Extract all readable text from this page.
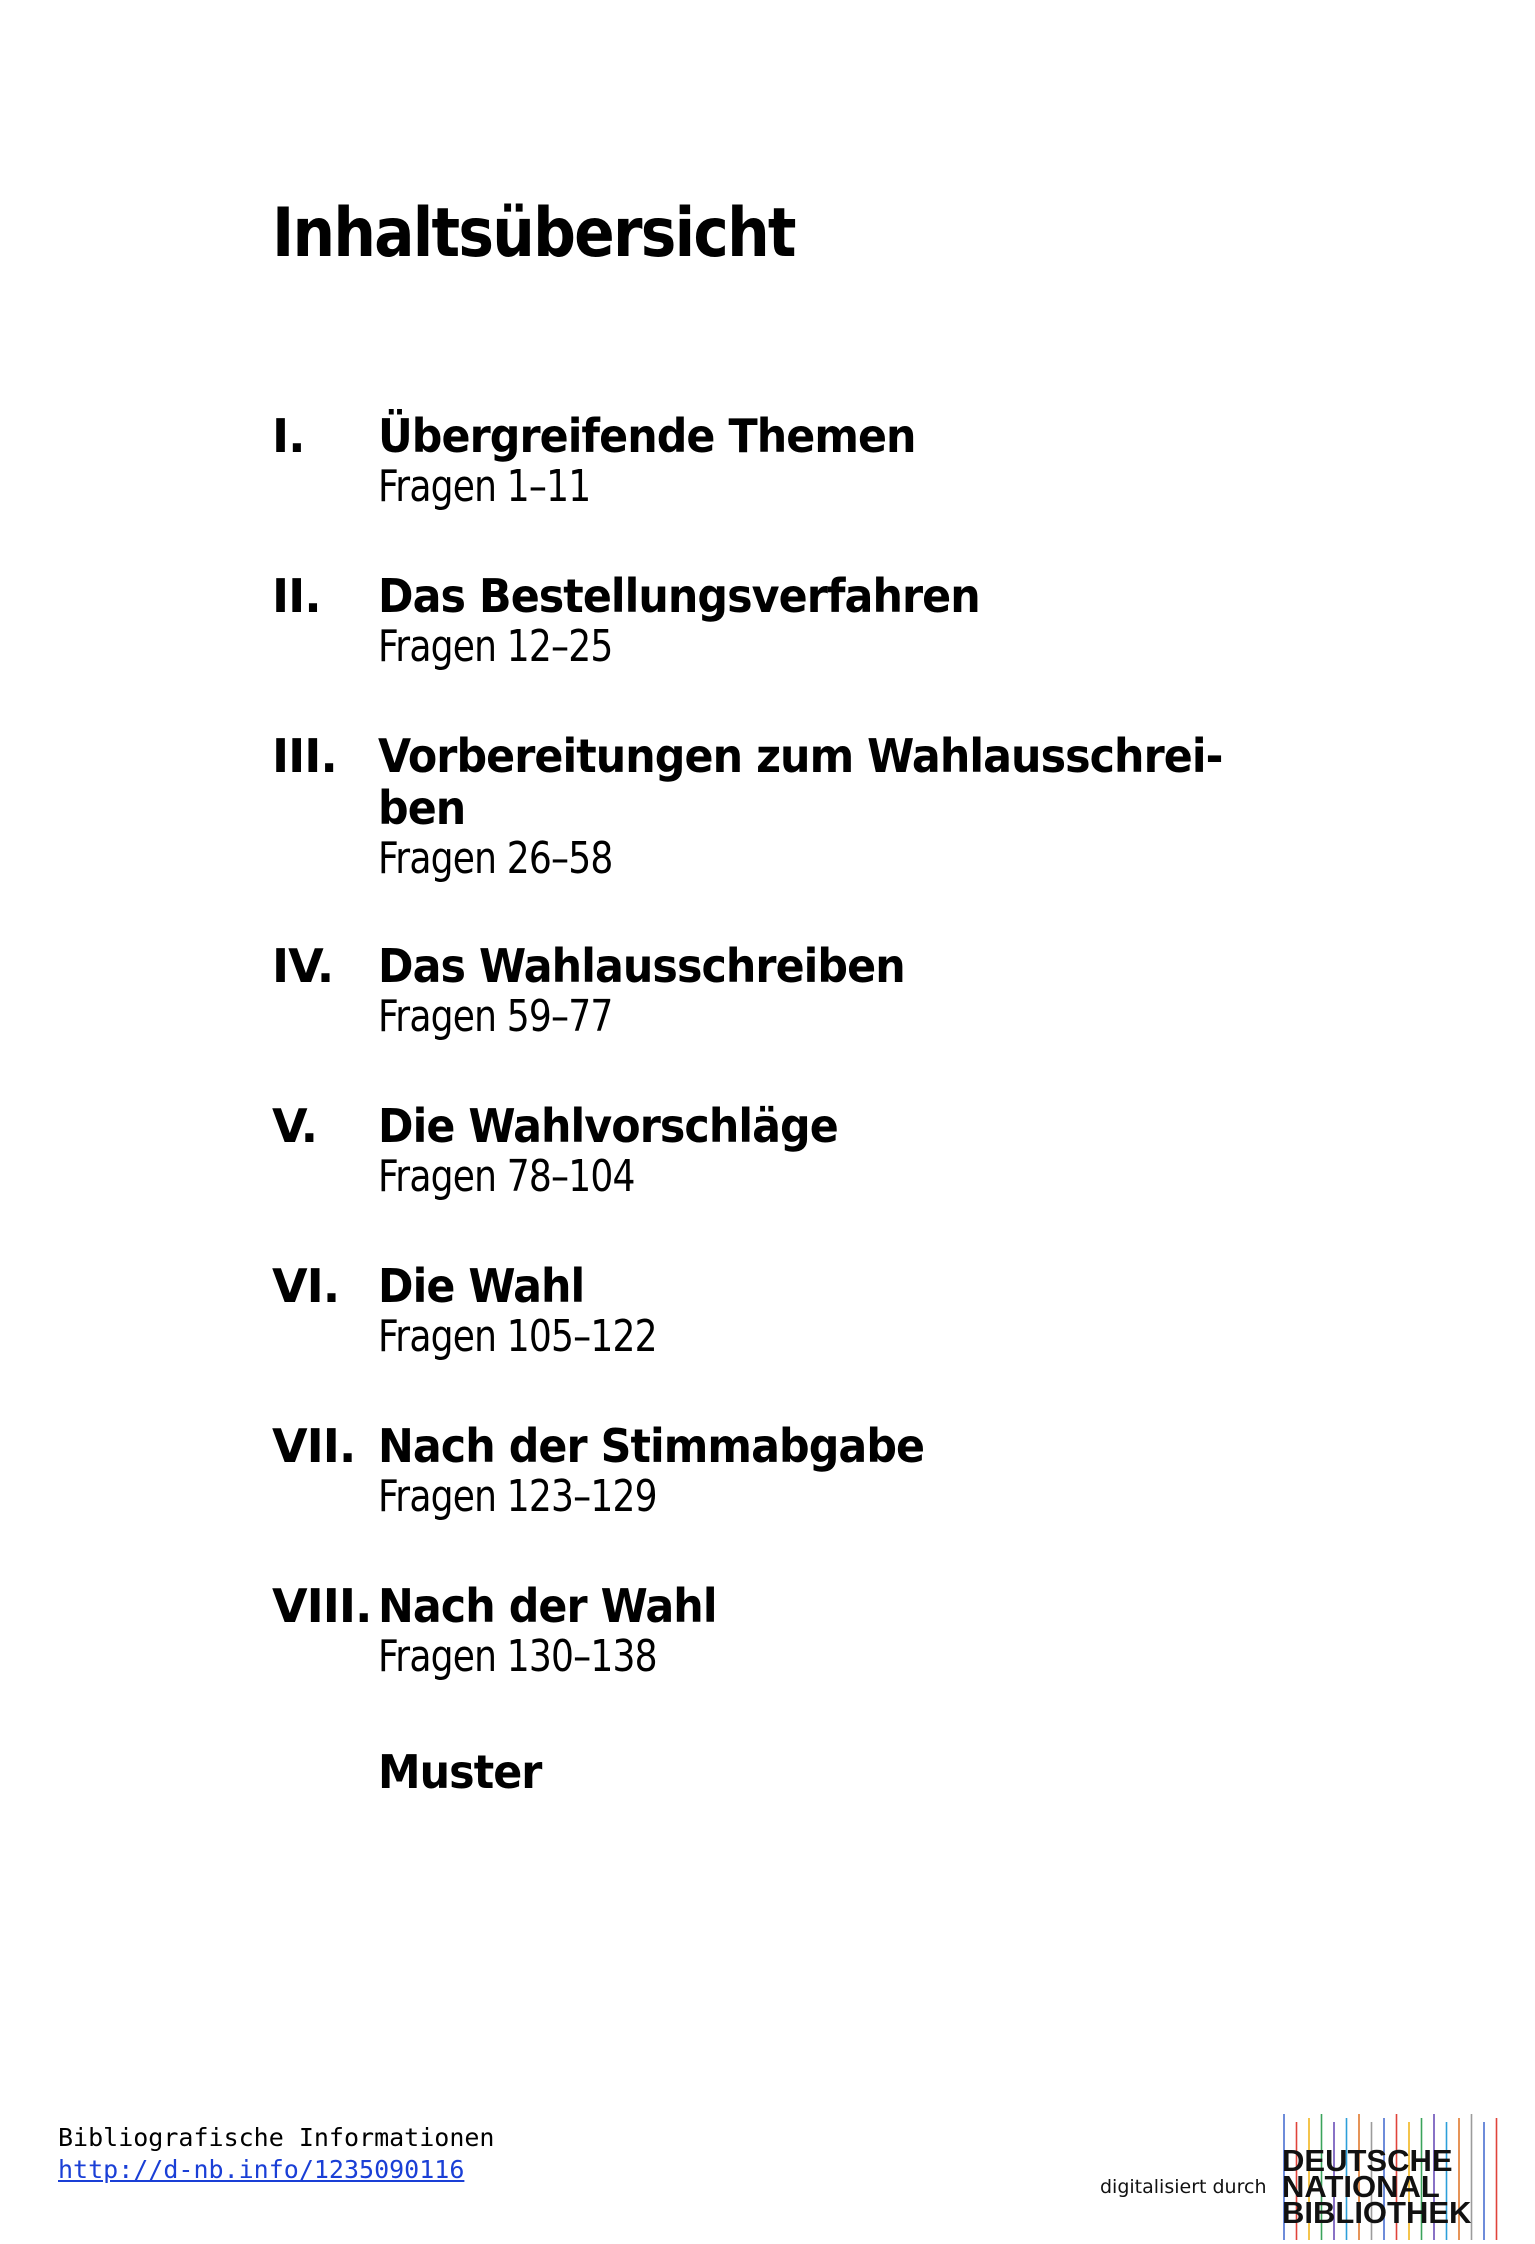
Inhaltsübersicht
I. Übergreifende Themen
Fragen 1–11
II. Das Bestellungsverfahren
Fragen 12–25
III. Vorbereitungen zum Wahlausschrei-
ben
Fragen 26–58
IV. Das Wahlausschreiben
Fragen 59–77
V. Die Wahlvorschläge
Fragen 78–104
VI. Die Wahl
Fragen 105–122
VII. Nach der Stimmabgabe
Fragen 123–129
VIII. Nach der Wahl
Fragen 130–138
Muster
Bibliografische Informationen
http://d-nb.info/1235090116
digitalisiert durch
DEUTSCHE
NATIONAL
BIBLIOTHEK
